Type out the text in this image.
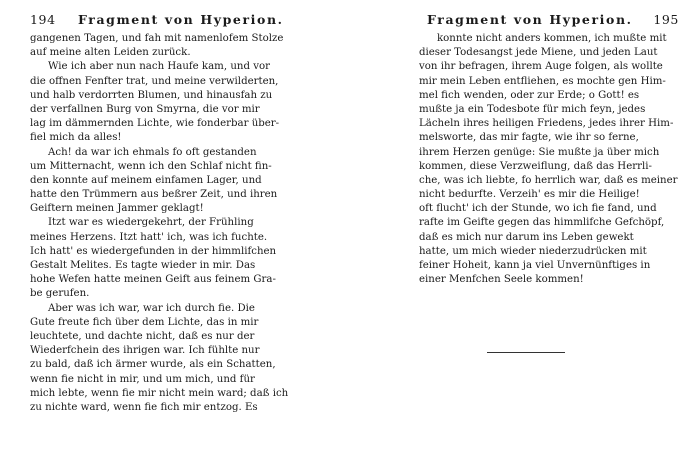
194 Fragment von Hyperion.
gangenen Tagen, und fah mit namenlofem Stolze
auf meine alten Leiden zurück.
Wie ich aber nun nach Haufe kam, und vor
die offnen Fenfter trat, und meine verwilderten,
und halb verdorrten Blumen, und hinausfah zu
der verfallnen Burg von Smyrna, die vor mir
lag im dämmernden Lichte, wie fonderbar über-
fiel mich da alles!
Ach! da war ich ehmals fo oft gestanden
um Mitternacht, wenn ich den Schlaf nicht fin-
den konnte auf meinem einfamen Lager, und
hatte den Trümmern aus beßrer Zeit, und ihren
Geiftern meinen Jammer geklagt!
Itzt war es wiedergekehrt, der Frühling
meines Herzens. Itzt hatt' ich, was ich fuchte.
Ich hatt' es wiedergefunden in der himmlifchen
Gestalt Melites. Es tagte wieder in mir. Das
hohe Wefen hatte meinen Geift aus feinem Gra-
be gerufen.
Aber was ich war, war ich durch fie. Die
Gute freute fich über dem Lichte, das in mir
leuchtete, und dachte nicht, daß es nur der
Wiederfchein des ihrigen war. Ich fühlte nur
zu bald, daß ich ärmer wurde, als ein Schatten,
wenn fie nicht in mir, und um mich, und für
mich lebte, wenn fie mir nicht mein ward; daß ich
zu nichte ward, wenn fie fich mir entzog. Es
Fragment von Hyperion. 195
konnte nicht anders kommen, ich mußte mit
dieser Todesangst jede Miene, und jeden Laut
von ihr befragen, ihrem Auge folgen, als wollte
mir mein Leben entfliehen, es mochte gen Him-
mel fich wenden, oder zur Erde; o Gott! es
mußte ja ein Todesbote für mich feyn, jedes
Lächeln ihres heiligen Friedens, jedes ihrer Him-
melsworte, das mir fagte, wie ihr so ferne,
ihrem Herzen genüge: Sie mußte ja über mich
kommen, diese Verzweiflung, daß das Herrli-
che, was ich liebte, fo herrlich war, daß es meiner
nicht bedurfte. Verzeih' es mir die Heilige!
oft flucht' ich der Stunde, wo ich fie fand, und
rafte im Geifte gegen das himmlifche Gefchöpf,
daß es mich nur darum ins Leben gewekt
hatte, um mich wieder niederzudrücken mit
feiner Hoheit, kann ja viel Unvernünftiges in
einer Menfchen Seele kommen!
